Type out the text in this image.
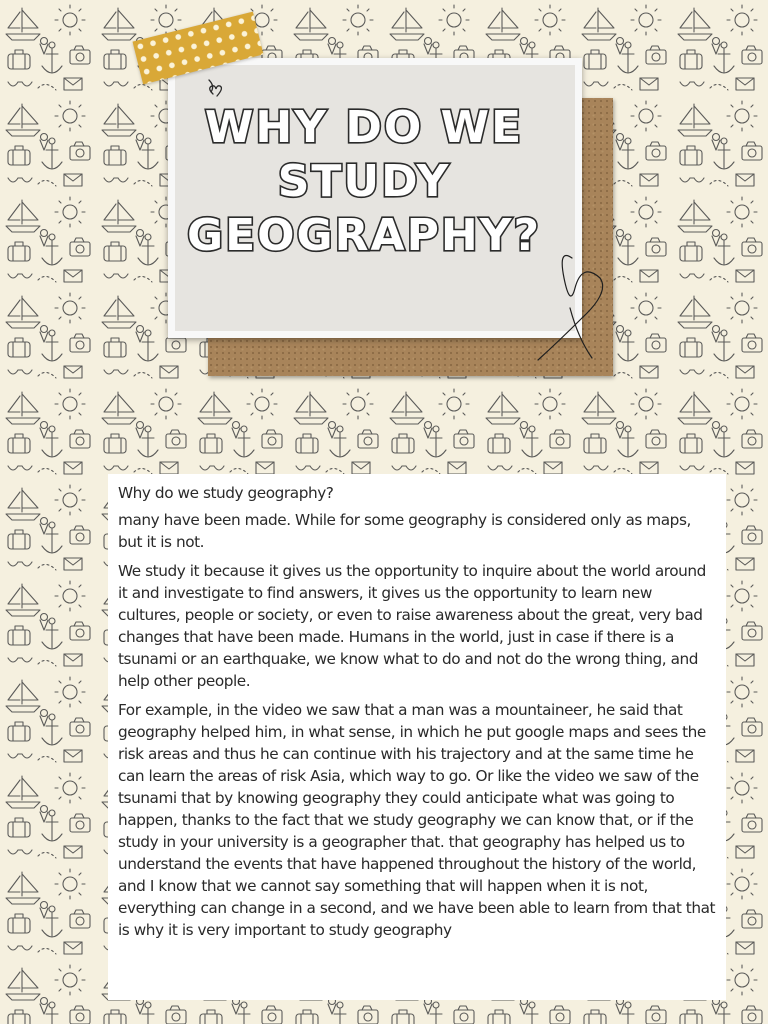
WHY DO WE
STUDY
GEOGRAPHY?

Why do we study geography?

many have been made. While for some geography is considered only as maps, but it is not.

We study it because it gives us the opportunity to inquire about the world around it and investigate to find answers, it gives us the opportunity to learn new cultures, people or society, or even to raise awareness about the great, very bad changes that have been made. Humans in the world, just in case if there is a tsunami or an earthquake, we know what to do and not do the wrong thing, and help other people.

For example, in the video we saw that a man was a mountaineer, he said that geography helped him, in what sense, in which he put google maps and sees the risk areas and thus he can continue with his trajectory and at the same time he can learn the areas of risk Asia, which way to go. Or like the video we saw of the tsunami that by knowing geography they could anticipate what was going to happen, thanks to the fact that we study geography we can know that, or if the study in your university is a geographer that. that geography has helped us to understand the events that have happened throughout the history of the world, and I know that we cannot say something that will happen when it is not, everything can change in a second, and we have been able to learn from that that is why it is very important to study geography
